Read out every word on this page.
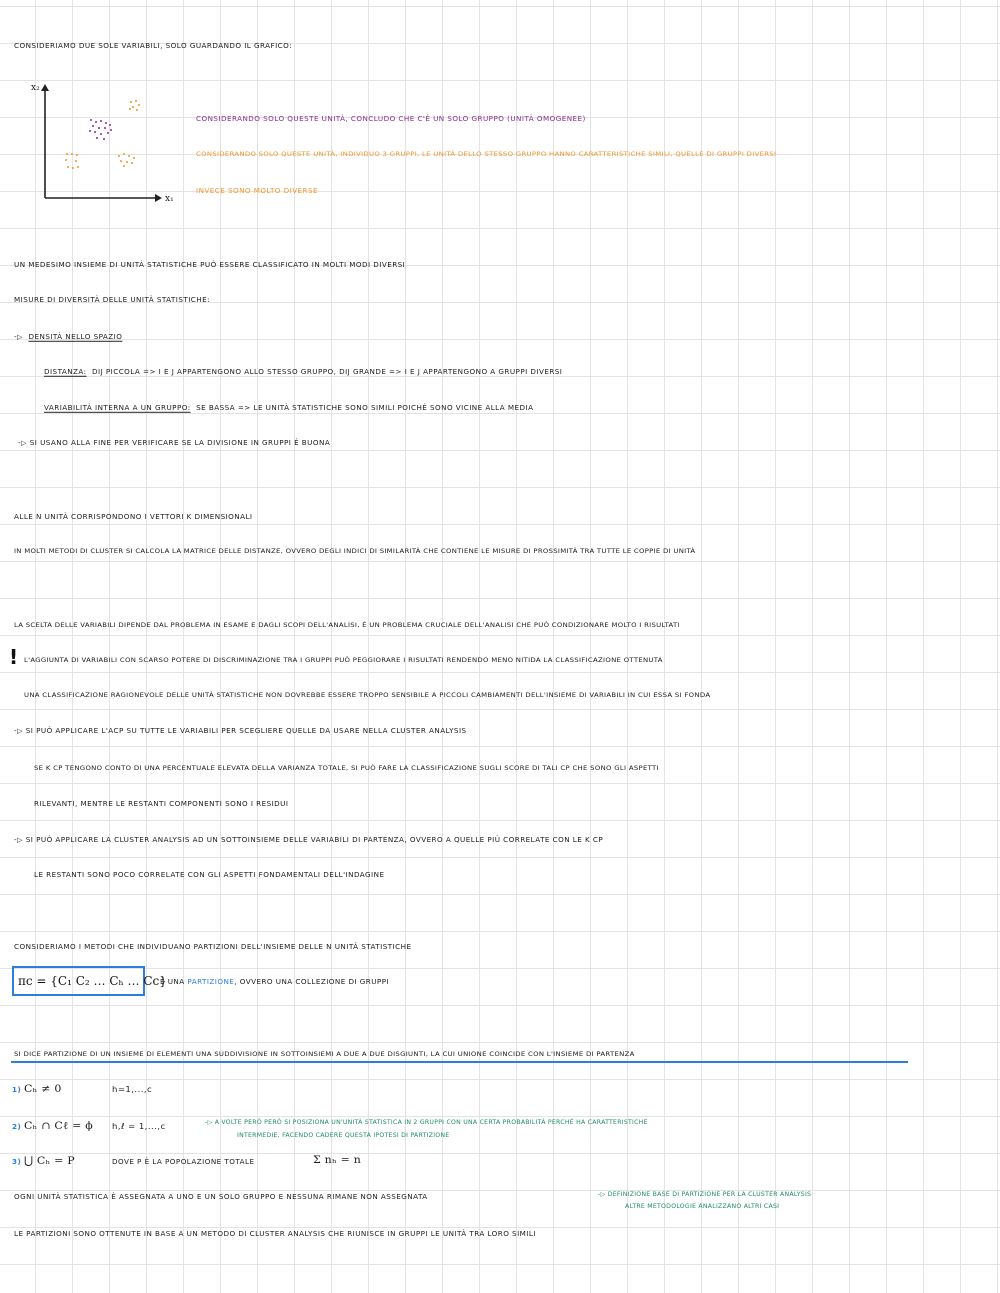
CONSIDERIAMO DUE SOLE VARIABILI, SOLO GUARDANDO IL GRAFICO:
x₂
x₁
CONSIDERANDO SOLO QUESTE UNITÀ, CONCLUDO CHE C'È UN SOLO GRUPPO (UNITÀ OMOGENEE)
CONSIDERANDO SOLO QUESTE UNITÀ, INDIVIDUO 3 GRUPPI, LE UNITÀ DELLO STESSO GRUPPO HANNO CARATTERISTICHE SIMILI, QUELLE DI GRUPPI DIVERSI
INVECE SONO MOLTO DIVERSE
UN MEDESIMO INSIEME DI UNITÀ STATISTICHE PUÒ ESSERE CLASSIFICATO IN MOLTI MODI DIVERSI
MISURE DI DIVERSITÀ DELLE UNITÀ STATISTICHE:
-▷ DENSITÀ NELLO SPAZIO
DISTANZA: DIJ PICCOLA => I E J APPARTENGONO ALLO STESSO GRUPPO, DIJ GRANDE => I E J APPARTENGONO A GRUPPI DIVERSI
VARIABILITÀ INTERNA A UN GRUPPO: SE BASSA => LE UNITÀ STATISTICHE SONO SIMILI POICHÉ SONO VICINE ALLA MEDIA
-▷ SI USANO ALLA FINE PER VERIFICARE SE LA DIVISIONE IN GRUPPI È BUONA
ALLE N UNITÀ CORRISPONDONO I VETTORI K DIMENSIONALI
IN MOLTI METODI DI CLUSTER SI CALCOLA LA MATRICE DELLE DISTANZE, OVVERO DEGLI INDICI DI SIMILARITÀ CHE CONTIENE LE MISURE DI PROSSIMITÀ TRA TUTTE LE COPPIE DI UNITÀ
LA SCELTA DELLE VARIABILI DIPENDE DAL PROBLEMA IN ESAME E DAGLI SCOPI DELL'ANALISI, È UN PROBLEMA CRUCIALE DELL'ANALISI CHE PUÒ CONDIZIONARE MOLTO I RISULTATI
! L'AGGIUNTA DI VARIABILI CON SCARSO POTERE DI DISCRIMINAZIONE TRA I GRUPPI PUÒ PEGGIORARE I RISULTATI RENDENDO MENO NITIDA LA CLASSIFICAZIONE OTTENUTA
UNA CLASSIFICAZIONE RAGIONEVOLE DELLE UNITÀ STATISTICHE NON DOVREBBE ESSERE TROPPO SENSIBILE A PICCOLI CAMBIAMENTI DELL'INSIEME DI VARIABILI IN CUI ESSA SI FONDA
-▷ SI PUÒ APPLICARE L'ACP SU TUTTE LE VARIABILI PER SCEGLIERE QUELLE DA USARE NELLA CLUSTER ANALYSIS
SE K CP TENGONO CONTO DI UNA PERCENTUALE ELEVATA DELLA VARIANZA TOTALE, SI PUÒ FARE LA CLASSIFICAZIONE SUGLI SCORE DI TALI CP CHE SONO GLI ASPETTI
RILEVANTI, MENTRE LE RESTANTI COMPONENTI SONO I RESIDUI
-▷ SI PUÒ APPLICARE LA CLUSTER ANALYSIS AD UN SOTTOINSIEME DELLE VARIABILI DI PARTENZA, OVVERO A QUELLE PIÙ CORRELATE CON LE K CP
LE RESTANTI SONO POCO CORRELATE CON GLI ASPETTI FONDAMENTALI DELL'INDAGINE
CONSIDERIAMO I METODI CHE INDIVIDUANO PARTIZIONI DELL'INSIEME DELLE N UNITÀ STATISTICHE
πc = {C₁ C₂ … Cₕ … Cc}
È UNA PARTIZIONE, OVVERO UNA COLLEZIONE DI GRUPPI
SI DICE PARTIZIONE DI UN INSIEME DI ELEMENTI UNA SUDDIVISIONE IN SOTTOINSIEMI A DUE A DUE DISGIUNTI, LA CUI UNIONE COINCIDE CON L'INSIEME DI PARTENZA
1) Cₕ ≠ 0	h=1,...,c
2) Cₕ ∩ Cℓ = ϕ h,ℓ = 1,...,c	-▷ A VOLTE PERÒ PERÒ SI POSIZIONA UN'UNITÀ STATISTICA IN 2 GRUPPI CON UNA CERTA PROBABILITÀ PERCHÉ HA CARATTERISTICHE
INTERMEDIE, FACENDO CADERE QUESTA IPOTESI DI PARTIZIONE
3) ⋃ Cₕ = P	DOVE P È LA POPOLAZIONE TOTALE	Σ nₕ = n
OGNI UNITÀ STATISTICA È ASSEGNATA A UNO E UN SOLO GRUPPO E NESSUNA RIMANE NON ASSEGNATA	-▷ DEFINIZIONE BASE DI PARTIZIONE PER LA CLUSTER ANALYSIS
ALTRE METODOLOGIE ANALIZZANO ALTRI CASI
LE PARTIZIONI SONO OTTENUTE IN BASE A UN METODO DI CLUSTER ANALYSIS CHE RIUNISCE IN GRUPPI LE UNITÀ TRA LORO SIMILI
